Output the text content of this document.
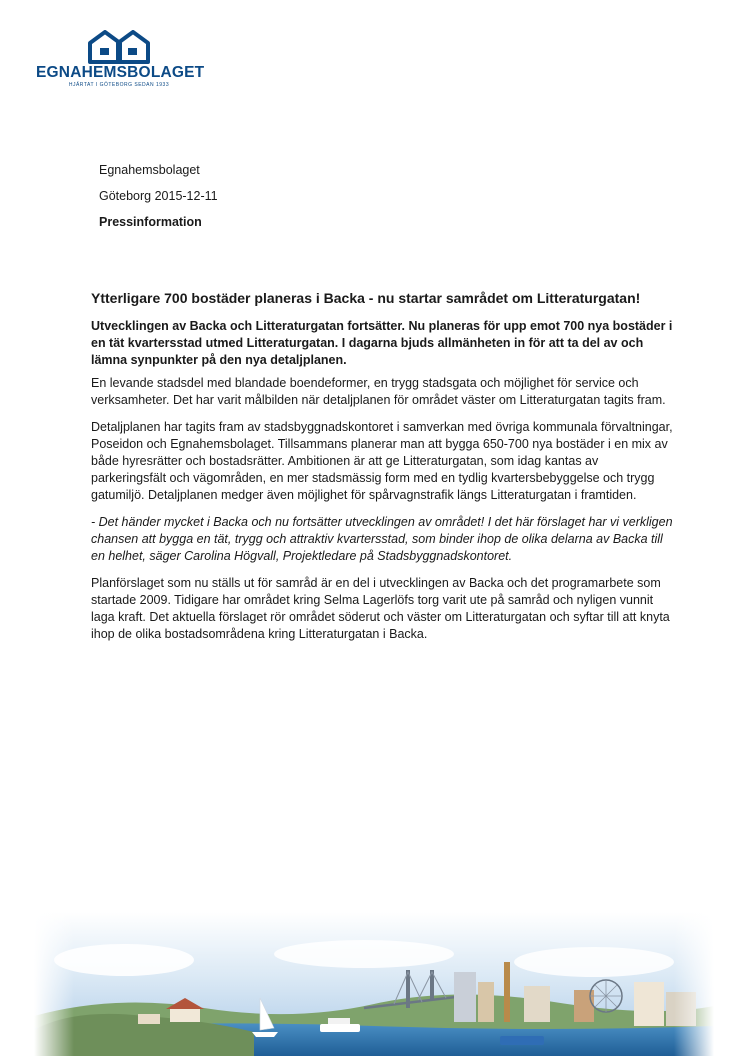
EGNAHEMSBOLAGET
HJÄRTAT I GÖTEBORG SEDAN 1933
Egnahemsbolaget
Göteborg 2015-12-11
Pressinformation
Ytterligare 700 bostäder planeras i Backa - nu startar samrådet om Litteraturgatan!

Utvecklingen av Backa och Litteraturgatan fortsätter. Nu planeras för upp emot 700 nya bostäder i en tät kvartersstad utmed Litteraturgatan. I dagarna bjuds allmänheten in för att ta del av och lämna synpunkter på den nya detaljplanen.

En levande stadsdel med blandade boendeformer, en trygg stadsgata och möjlighet för service och verksamheter. Det har varit målbilden när detaljplanen för området väster om Litteraturgatan tagits fram.

Detaljplanen har tagits fram av stadsbyggnadskontoret i samverkan med övriga kommunala förvaltningar, Poseidon och Egnahemsbolaget. Tillsammans planerar man att bygga 650-700 nya bostäder i en mix av både hyresrätter och bostadsrätter. Ambitionen är att ge Litteraturgatan, som idag kantas av parkeringsfält och vägområden, en mer stadsmässig form med en tydlig kvartersbebyggelse och trygg gatumiljö. Detaljplanen medger även möjlighet för spårvagnstrafik längs Litteraturgatan i framtiden.

- Det händer mycket i Backa och nu fortsätter utvecklingen av området! I det här förslaget har vi verkligen chansen att bygga en tät, trygg och attraktiv kvartersstad, som binder ihop de olika delarna av Backa till en helhet, säger Carolina Högvall, Projektledare på Stadsbyggnadskontoret.

Planförslaget som nu ställs ut för samråd är en del i utvecklingen av Backa och det programarbete som startade 2009. Tidigare har området kring Selma Lagerlöfs torg varit ute på samråd och nyligen vunnit laga kraft. Det aktuella förslaget rör området söderut och väster om Litteraturgatan och syftar till att knyta ihop de olika bostadsområdena kring Litteraturgatan i Backa.
